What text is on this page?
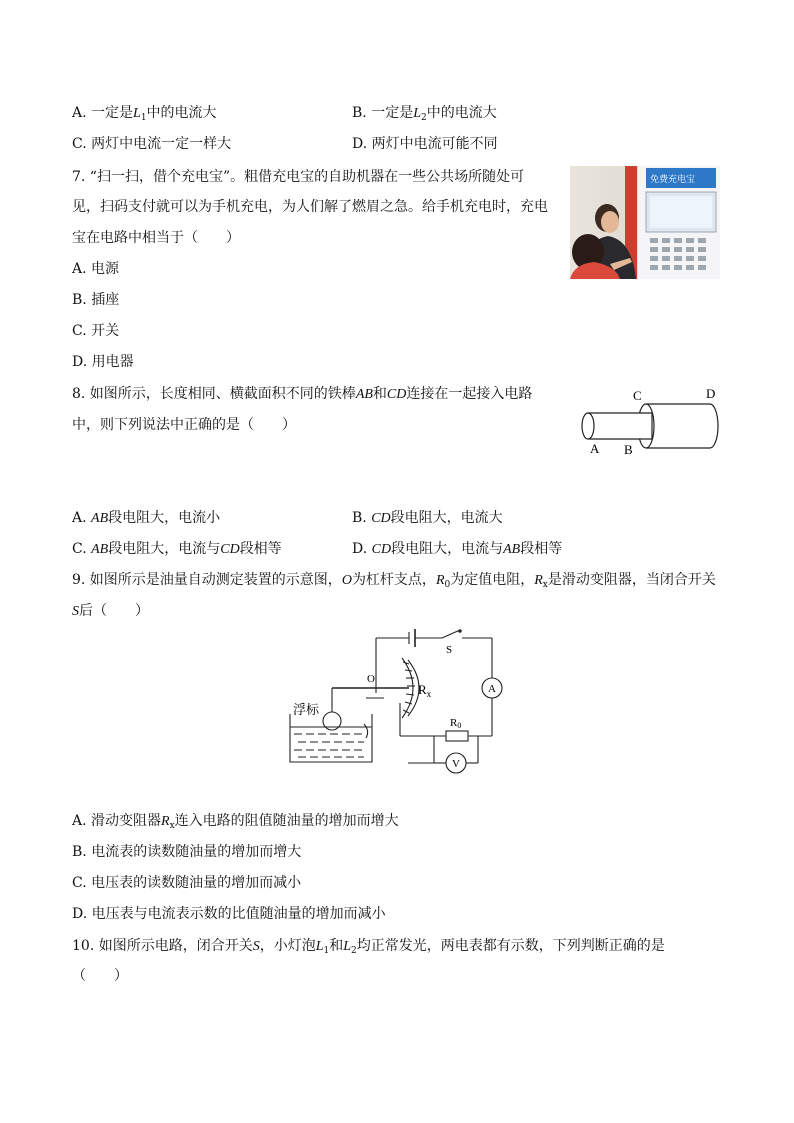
A. 一定是$L_1$中的电流大	B. 一定是$L_2$中的电流大
C. 两灯中电流一定一样大	D. 两灯中电流可能不同
7. “扫一扫，借个充电宝”。粗借充电宝的自助机器在一些公共场所随处可
见，扫码支付就可以为手机充电，为人们解了燃眉之急。给手机充电时，充电
宝在电路中相当于（　　）
A. 电源
B. 插座
C. 开关
D. 用电器
免费充电宝
8. 如图所示，长度相同、横截面积不同的铁棒AB和CD连接在一起接入电路
中，则下列说法中正确的是（　　）
A B
C	D
A. AB段电阻大，电流小	B. CD段电阻大，电流大
C. AB段电阻大，电流与CD段相等	D. CD段电阻大，电流与AB段相等
9. 如图所示是油量自动测定装置的示意图，O为杠杆支点，$R_0$为定值电阻，$R_x$是滑动变阻器，当闭合开关
S后（　　）
浮标
O
S
$R_x$
R0
A
V
A. 滑动变阻器$R_x$连入电路的阻值随油量的增加而增大
B. 电流表的读数随油量的增加而增大
C. 电压表的读数随油量的增加而减小
D. 电压表与电流表示数的比值随油量的增加而减小
10. 如图所示电路，闭合开关S，小灯泡$L_1$和$L_2$均正常发光，两电表都有示数，下列判断正确的是
（　　）
